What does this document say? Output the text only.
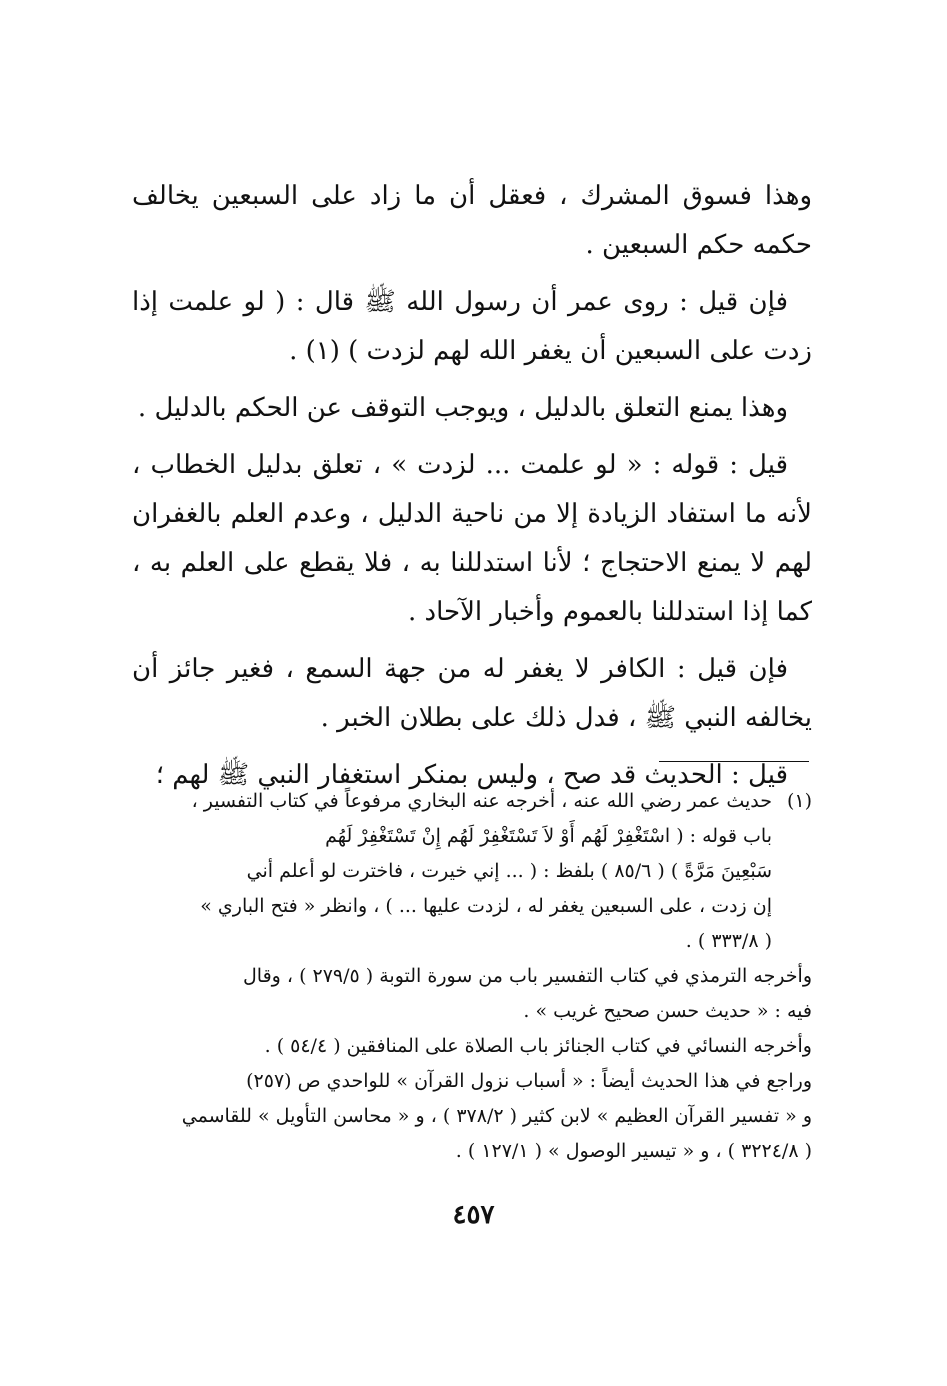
وهذا فسوق المشرك ، فعقل أن ما زاد على السبعين يخالف حكمه حكم السبعين .

فإن قيل : روى عمر أن رسول الله ﷺ قال : ( لو علمت إذا زدت على السبعين أن يغفر الله لهم لزدت ) (١) .

وهذا يمنع التعلق بالدليل ، ويوجب التوقف عن الحكم بالدليل .

قيل : قوله : « لو علمت ... لزدت » ، تعلق بدليل الخطاب ، لأنه ما استفاد الزيادة إلا من ناحية الدليل ، وعدم العلم بالغفران لهم لا يمنع الاحتجاج ؛ لأنا استدللنا به ، فلا يقطع على العلم به ، كما إذا استدللنا بالعموم وأخبار الآحاد .

فإن قيل : الكافر لا يغفر له من جهة السمع ، فغير جائز أن يخالفه النبي ﷺ ، فدل ذلك على بطلان الخبر .

قيل : الحديث قد صح ، وليس بمنكر استغفار النبي ﷺ لهم ؛

(١)

حديث عمر رضي الله عنه ، أخرجه عنه البخاري مرفوعاً في كتاب التفسير ،

باب قوله : ( اسْتَغْفِرْ لَهُم أَوْ لاَ تَسْتَغْفِرْ لَهُم إِنْ تَسْتَغْفِرْ لَهُم

سَبْعِينَ مَرَّةً ) ( ٨٥/٦ ) بلفظ : ( ... إني خيرت ، فاخترت لو أعلم أني

إن زدت ، على السبعين يغفر له ، لزدت عليها ... ) ، وانظر « فتح الباري »

( ٣٣٣/٨ ) .

وأخرجه الترمذي في كتاب التفسير باب من سورة التوبة ( ٢٧٩/٥ ) ، وقال

فيه : « حديث حسن صحيح غريب » .

وأخرجه النسائي في كتاب الجنائز باب الصلاة على المنافقين ( ٥٤/٤ ) .

وراجع في هذا الحديث أيضاً : « أسباب نزول القرآن » للواحدي ص (٢٥٧)

و « تفسير القرآن العظيم » لابن كثير ( ٣٧٨/٢ ) ، و « محاسن التأويل » للقاسمي

( ٣٢٢٤/٨ ) ، و « تيسير الوصول » ( ١٢٧/١ ) .

٤٥٧
